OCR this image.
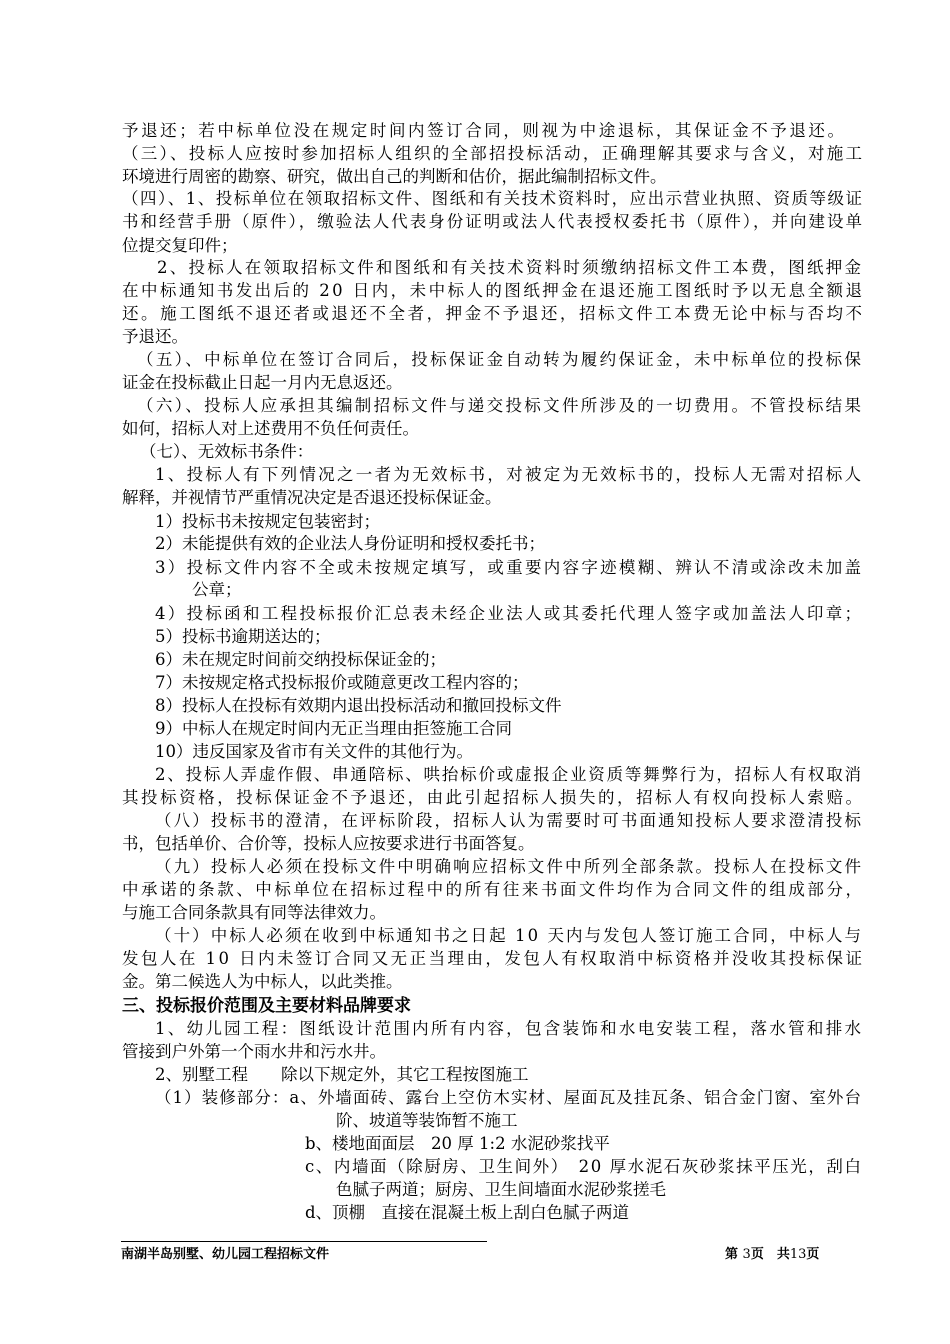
予退还；若中标单位没在规定时间内签订合同，则视为中途退标，其保证金不予退还。
（三）、投标人应按时参加招标人组织的全部招投标活动，正确理解其要求与含义，对施工
环境进行周密的勘察、研究，做出自己的判断和估价，据此编制招标文件。
（四）、1、投标单位在领取招标文件、图纸和有关技术资料时，应出示营业执照、资质等级证
书和经营手册（原件），缴验法人代表身份证明或法人代表授权委托书（原件），并向建设单
位提交复印件；
2、投标人在领取招标文件和图纸和有关技术资料时须缴纳招标文件工本费，图纸押金
在中标通知书发出后的 20 日内，未中标人的图纸押金在退还施工图纸时予以无息全额退
还。施工图纸不退还者或退还不全者，押金不予退还，招标文件工本费无论中标与否均不
予退还。
（五）、中标单位在签订合同后，投标保证金自动转为履约保证金，未中标单位的投标保
证金在投标截止日起一月内无息返还。
（六）、投标人应承担其编制招标文件与递交投标文件所涉及的一切费用。不管投标结果
如何，招标人对上述费用不负任何责任。
（七）、无效标书条件：
1、投标人有下列情况之一者为无效标书，对被定为无效标书的，投标人无需对招标人
解释，并视情节严重情况决定是否退还投标保证金。
1）投标书未按规定包装密封；
2）未能提供有效的企业法人身份证明和授权委托书；
3）投标文件内容不全或未按规定填写，或重要内容字迹模糊、辨认不清或涂改未加盖
公章；
4）投标函和工程投标报价汇总表未经企业法人或其委托代理人签字或加盖法人印章；
5）投标书逾期送达的；
6）未在规定时间前交纳投标保证金的；
7）未按规定格式投标报价或随意更改工程内容的；
8）投标人在投标有效期内退出投标活动和撤回投标文件
9）中标人在规定时间内无正当理由拒签施工合同
10）违反国家及省市有关文件的其他行为。
2、投标人弄虚作假、串通陪标、哄抬标价或虚报企业资质等舞弊行为，招标人有权取消
其投标资格，投标保证金不予退还，由此引起招标人损失的，招标人有权向投标人索赔。
（八）投标书的澄清，在评标阶段，招标人认为需要时可书面通知投标人要求澄清投标
书，包括单价、合价等，投标人应按要求进行书面答复。
（九）投标人必须在投标文件中明确响应招标文件中所列全部条款。投标人在投标文件
中承诺的条款、中标单位在招标过程中的所有往来书面文件均作为合同文件的组成部分，
与施工合同条款具有同等法律效力。
（十）中标人必须在收到中标通知书之日起 10 天内与发包人签订施工合同，中标人与
发包人在 10 日内未签订合同又无正当理由，发包人有权取消中标资格并没收其投标保证
金。第二候选人为中标人，以此类推。
三、投标报价范围及主要材料品牌要求
1、幼儿园工程：图纸设计范围内所有内容，包含装饰和水电安装工程，落水管和排水
管接到户外第一个雨水井和污水井。
2、别墅工程　　除以下规定外，其它工程按图施工
（1）装修部分：a、外墙面砖、露台上空仿木实材、屋面瓦及挂瓦条、铝合金门窗、室外台
阶、坡道等装饰暂不施工
b、楼地面面层　20 厚 1:2 水泥砂浆找平
c、内墙面（除厨房、卫生间外）　20 厚水泥石灰砂浆抹平压光，刮白
色腻子两道；厨房、卫生间墙面水泥砂浆搓毛
d、顶棚　直接在混凝土板上刮白色腻子两道
南湖半岛别墅、幼儿园工程招标文件	第 3页　共13页
